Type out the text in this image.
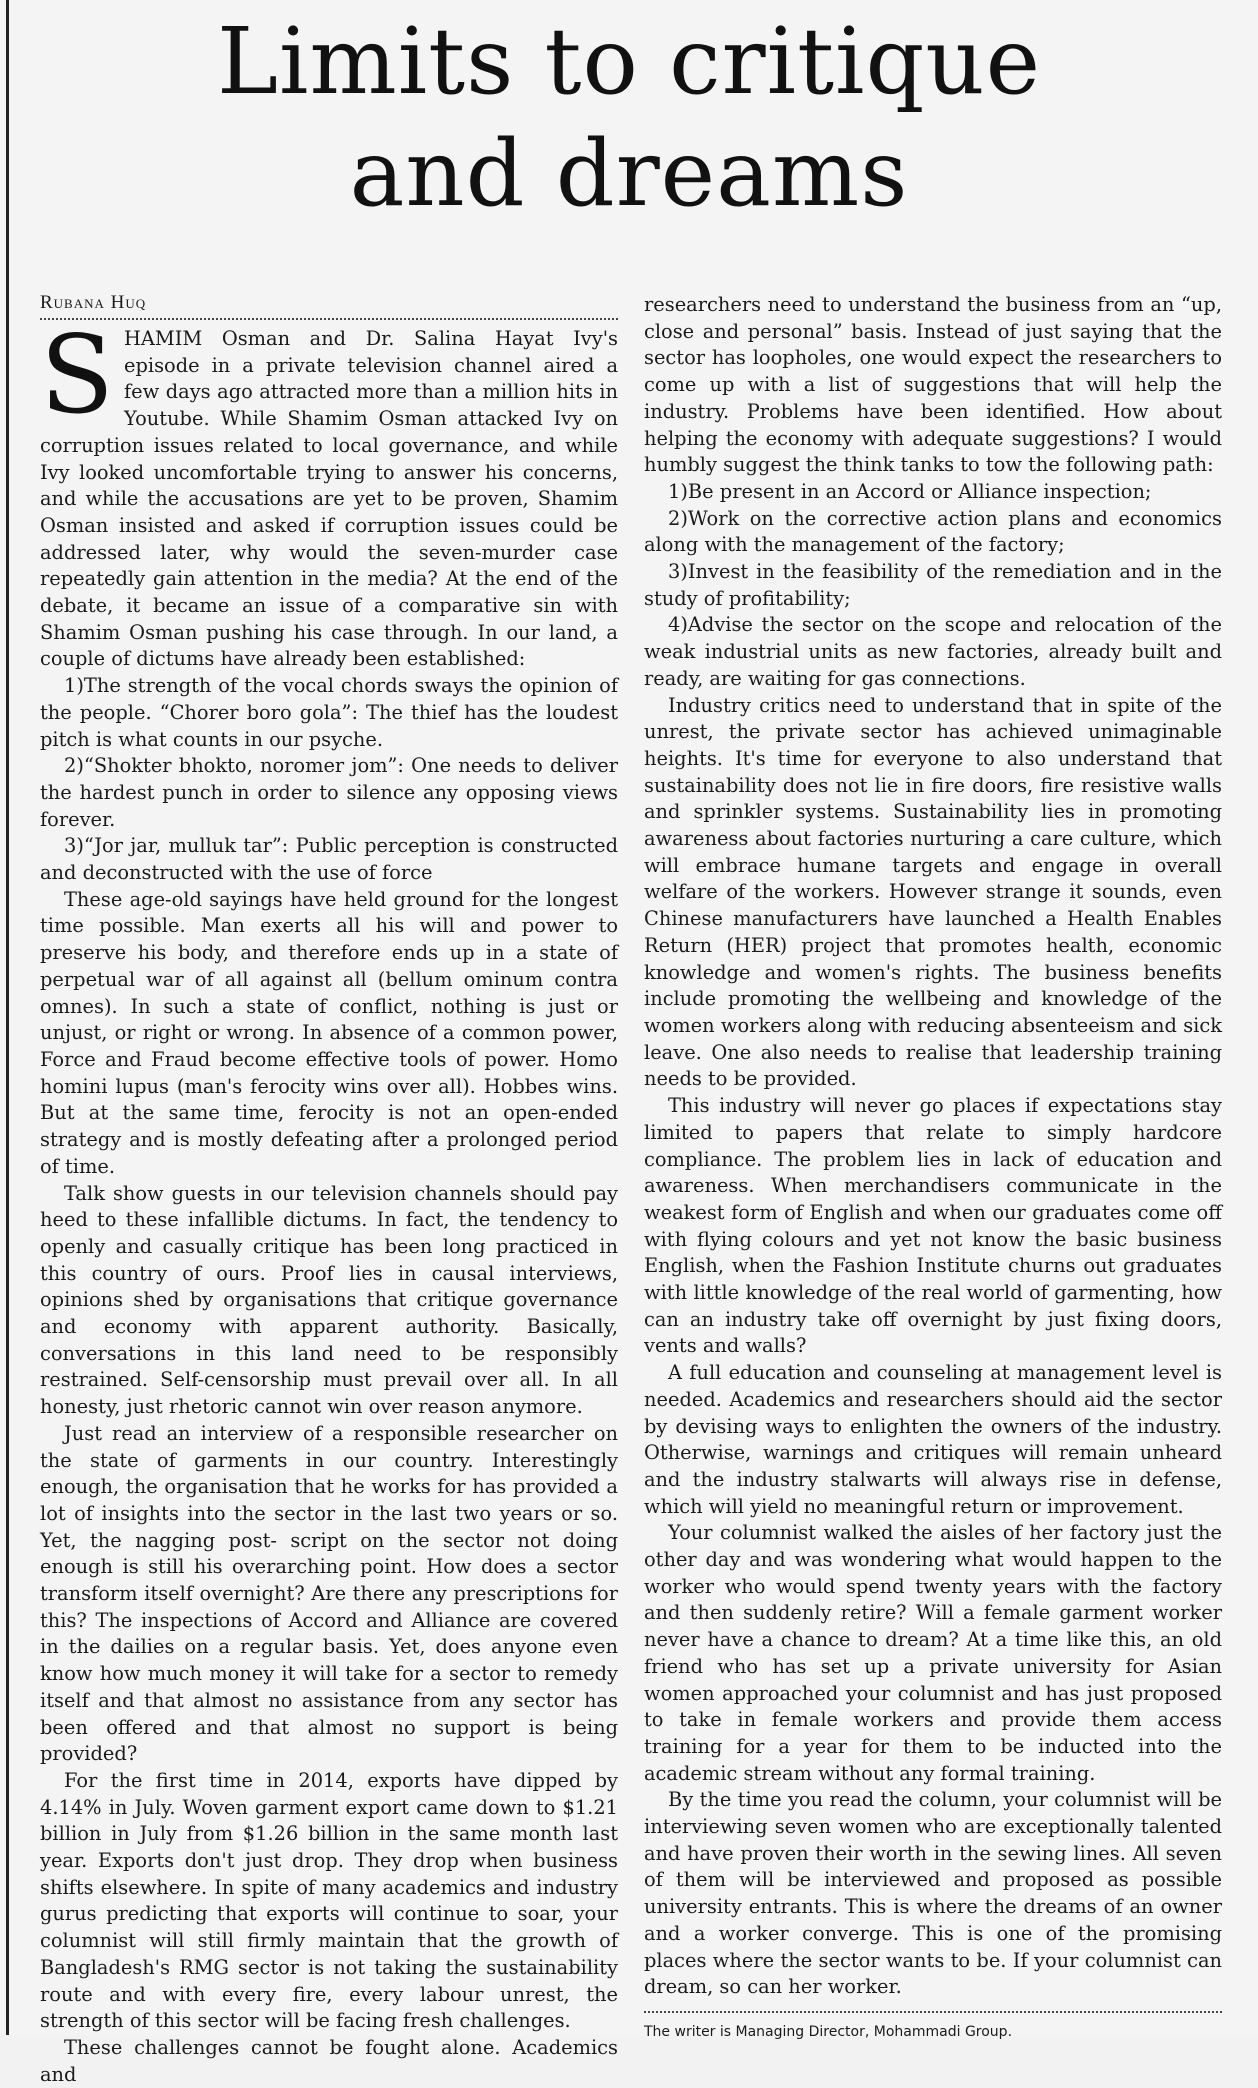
Limits to critique
and dreams
Rubana Huq

SHAMIM Osman and Dr. Salina Hayat Ivy's episode in a private television channel aired a few days ago attracted more than a million hits in Youtube. While Shamim Osman attacked Ivy on corruption issues related to local governance, and while Ivy looked uncomfortable trying to answer his concerns, and while the accusations are yet to be proven, Shamim Osman insisted and asked if corruption issues could be addressed later, why would the seven-murder case repeatedly gain attention in the media? At the end of the debate, it became an issue of a comparative sin with Shamim Osman pushing his case through. In our land, a couple of dictums have already been established:

1)The strength of the vocal chords sways the opinion of the people. “Chorer boro gola”: The thief has the loudest pitch is what counts in our psyche.

2)“Shokter bhokto, noromer jom”: One needs to deliver the hardest punch in order to silence any opposing views forever.

3)“Jor jar, mulluk tar”: Public perception is constructed and deconstructed with the use of force

These age-old sayings have held ground for the longest time possible. Man exerts all his will and power to preserve his body, and therefore ends up in a state of perpetual war of all against all (bellum ominum contra omnes). In such a state of conflict, nothing is just or unjust, or right or wrong. In absence of a common power, Force and Fraud become effective tools of power. Homo homini lupus (man's ferocity wins over all). Hobbes wins. But at the same time, ferocity is not an open-ended strategy and is mostly defeating after a prolonged period of time.

Talk show guests in our television channels should pay heed to these infallible dictums. In fact, the tendency to openly and casually critique has been long practiced in this country of ours. Proof lies in causal interviews, opinions shed by organisations that critique governance and economy with apparent authority. Basically, conversations in this land need to be responsibly restrained. Self-censorship must prevail over all. In all honesty, just rhetoric cannot win over reason anymore.

Just read an interview of a responsible researcher on the state of garments in our country. Interestingly enough, the organisation that he works for has provided a lot of insights into the sector in the last two years or so. Yet, the nagging post- script on the sector not doing enough is still his overarching point. How does a sector transform itself overnight? Are there any prescriptions for this? The inspections of Accord and Alliance are covered in the dailies on a regular basis. Yet, does anyone even know how much money it will take for a sector to remedy itself and that almost no assistance from any sector has been offered and that almost no support is being provided?

For the first time in 2014, exports have dipped by 4.14% in July. Woven garment export came down to $1.21 billion in July from $1.26 billion in the same month last year. Exports don't just drop. They drop when business shifts elsewhere. In spite of many academics and industry gurus predicting that exports will continue to soar, your columnist will still firmly maintain that the growth of Bangladesh's RMG sector is not taking the sustainability route and with every fire, every labour unrest, the strength of this sector will be facing fresh challenges.

These challenges cannot be fought alone. Academics and

researchers need to understand the business from an “up, close and personal” basis. Instead of just saying that the sector has loopholes, one would expect the researchers to come up with a list of suggestions that will help the industry. Problems have been identified. How about helping the economy with adequate suggestions? I would humbly suggest the think tanks to tow the following path:

1)Be present in an Accord or Alliance inspection;

2)Work on the corrective action plans and economics along with the management of the factory;

3)Invest in the feasibility of the remediation and in the study of profitability;

4)Advise the sector on the scope and relocation of the weak industrial units as new factories, already built and ready, are waiting for gas connections.

Industry critics need to understand that in spite of the unrest, the private sector has achieved unimaginable heights. It's time for everyone to also understand that sustainability does not lie in fire doors, fire resistive walls and sprinkler systems. Sustainability lies in promoting awareness about factories nurturing a care culture, which will embrace humane targets and engage in overall welfare of the workers. However strange it sounds, even Chinese manufacturers have launched a Health Enables Return (HER) project that promotes health, economic knowledge and women's rights. The business benefits include promoting the wellbeing and knowledge of the women workers along with reducing absenteeism and sick leave. One also needs to realise that leadership training needs to be provided.

This industry will never go places if expectations stay limited to papers that relate to simply hardcore compliance. The problem lies in lack of education and awareness. When merchandisers communicate in the weakest form of English and when our graduates come off with flying colours and yet not know the basic business English, when the Fashion Institute churns out graduates with little knowledge of the real world of garmenting, how can an industry take off overnight by just fixing doors, vents and walls?

A full education and counseling at management level is needed. Academics and researchers should aid the sector by devising ways to enlighten the owners of the industry. Otherwise, warnings and critiques will remain unheard and the industry stalwarts will always rise in defense, which will yield no meaningful return or improvement.

Your columnist walked the aisles of her factory just the other day and was wondering what would happen to the worker who would spend twenty years with the factory and then suddenly retire? Will a female garment worker never have a chance to dream? At a time like this, an old friend who has set up a private university for Asian women approached your columnist and has just proposed to take in female workers and provide them access training for a year for them to be inducted into the academic stream without any formal training.

By the time you read the column, your columnist will be interviewing seven women who are exceptionally talented and have proven their worth in the sewing lines. All seven of them will be interviewed and proposed as possible university entrants. This is where the dreams of an owner and a worker converge. This is one of the promising places where the sector wants to be. If your columnist can dream, so can her worker.

The writer is Managing Director, Mohammadi Group.
